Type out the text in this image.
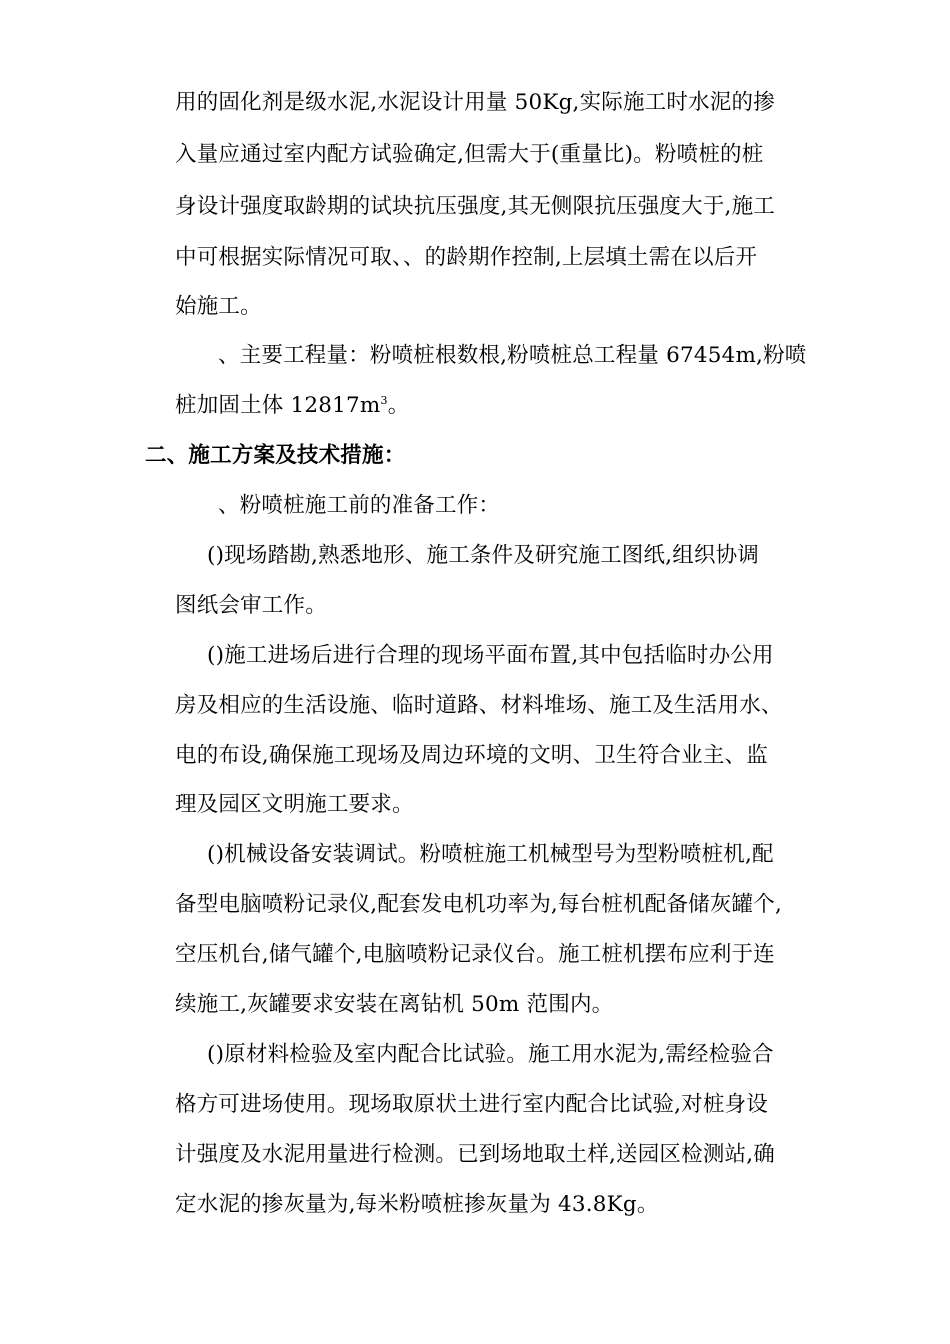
用的固化剂是级水泥,水泥设计用量 50Kg,实际施工时水泥的掺
入量应通过室内配方试验确定,但需大于(重量比)。粉喷桩的桩
身设计强度取龄期的试块抗压强度,其无侧限抗压强度大于,施工
中可根据实际情况可取、、的龄期作控制,上层填土需在以后开
始施工。
、主要工程量：粉喷桩根数根,粉喷桩总工程量 67454m,粉喷
桩加固土体 $12817m^3$。
二、施工方案及技术措施：
、粉喷桩施工前的准备工作：
()现场踏勘,熟悉地形、施工条件及研究施工图纸,组织协调
图纸会审工作。
()施工进场后进行合理的现场平面布置,其中包括临时办公用
房及相应的生活设施、临时道路、材料堆场、施工及生活用水、
电的布设,确保施工现场及周边环境的文明、卫生符合业主、监
理及园区文明施工要求。
()机械设备安装调试。粉喷桩施工机械型号为型粉喷桩机,配
备型电脑喷粉记录仪,配套发电机功率为,每台桩机配备储灰罐个,
空压机台,储气罐个,电脑喷粉记录仪台。施工桩机摆布应利于连
续施工,灰罐要求安装在离钻机 50m 范围内。
()原材料检验及室内配合比试验。施工用水泥为,需经检验合
格方可进场使用。现场取原状土进行室内配合比试验,对桩身设
计强度及水泥用量进行检测。已到场地取土样,送园区检测站,确
定水泥的掺灰量为,每米粉喷桩掺灰量为 43.8Kg。
